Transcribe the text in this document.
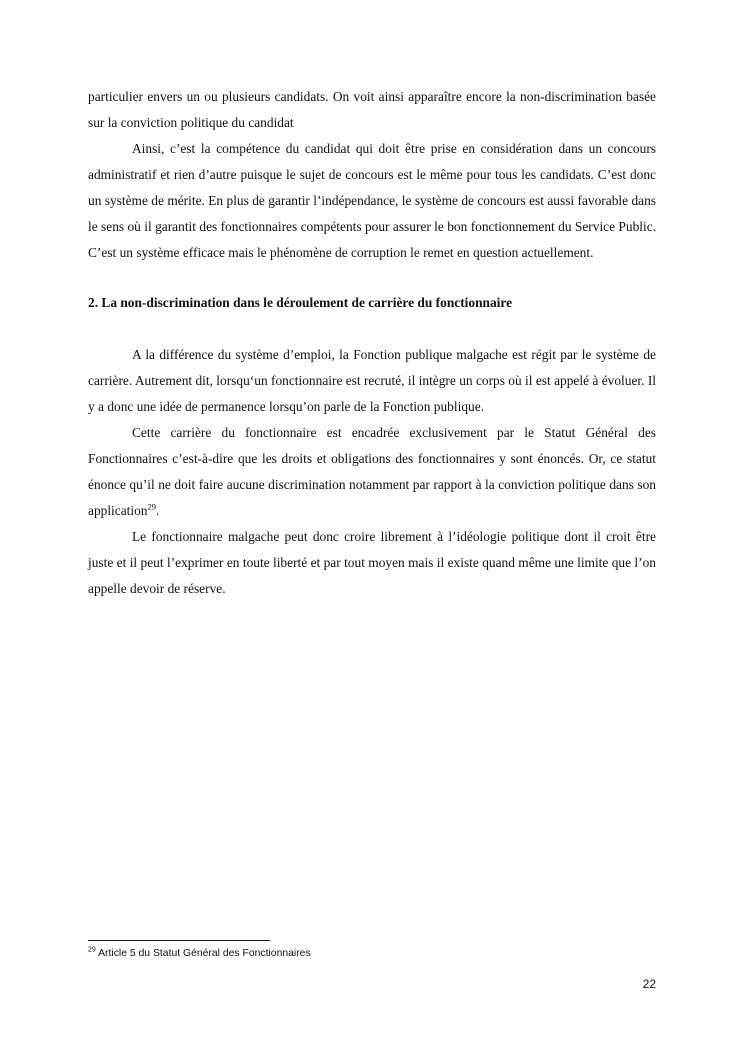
particulier envers un ou plusieurs candidats. On voit ainsi apparaître encore la non-discrimination basée sur la conviction politique du candidat

Ainsi, c’est la compétence du candidat qui doit être prise en considération dans un concours administratif et rien d’autre puisque le sujet de concours est le même pour tous les candidats. C’est donc un système de mérite. En plus de garantir l’indépendance, le système de concours est aussi favorable dans le sens où il garantit des fonctionnaires compétents pour assurer le bon fonctionnement du Service Public. C’est un système efficace mais le phénomène de corruption le remet en question actuellement.

2. La non-discrimination dans le déroulement de carrière du fonctionnaire

A la différence du système d’emploi, la Fonction publique malgache est régit par le système de carrière. Autrement dit, lorsqu‘un fonctionnaire est recruté, il intègre un corps où il est appelé à évoluer. Il y a donc une idée de permanence lorsqu’on parle de la Fonction publique.

Cette carrière du fonctionnaire est encadrée exclusivement par le Statut Général des Fonctionnaires c’est-à-dire que les droits et obligations des fonctionnaires y sont énoncés. Or, ce statut énonce qu’il ne doit faire aucune discrimination notamment par rapport à la conviction politique dans son application$^{29}$.

Le fonctionnaire malgache peut donc croire librement à l’idéologie politique dont il croit être juste et il peut l’exprimer en toute liberté et par tout moyen mais il existe quand même une limite que l’on appelle devoir de réserve.

$^{29}$ Article 5 du Statut Général des Fonctionnaires
22
